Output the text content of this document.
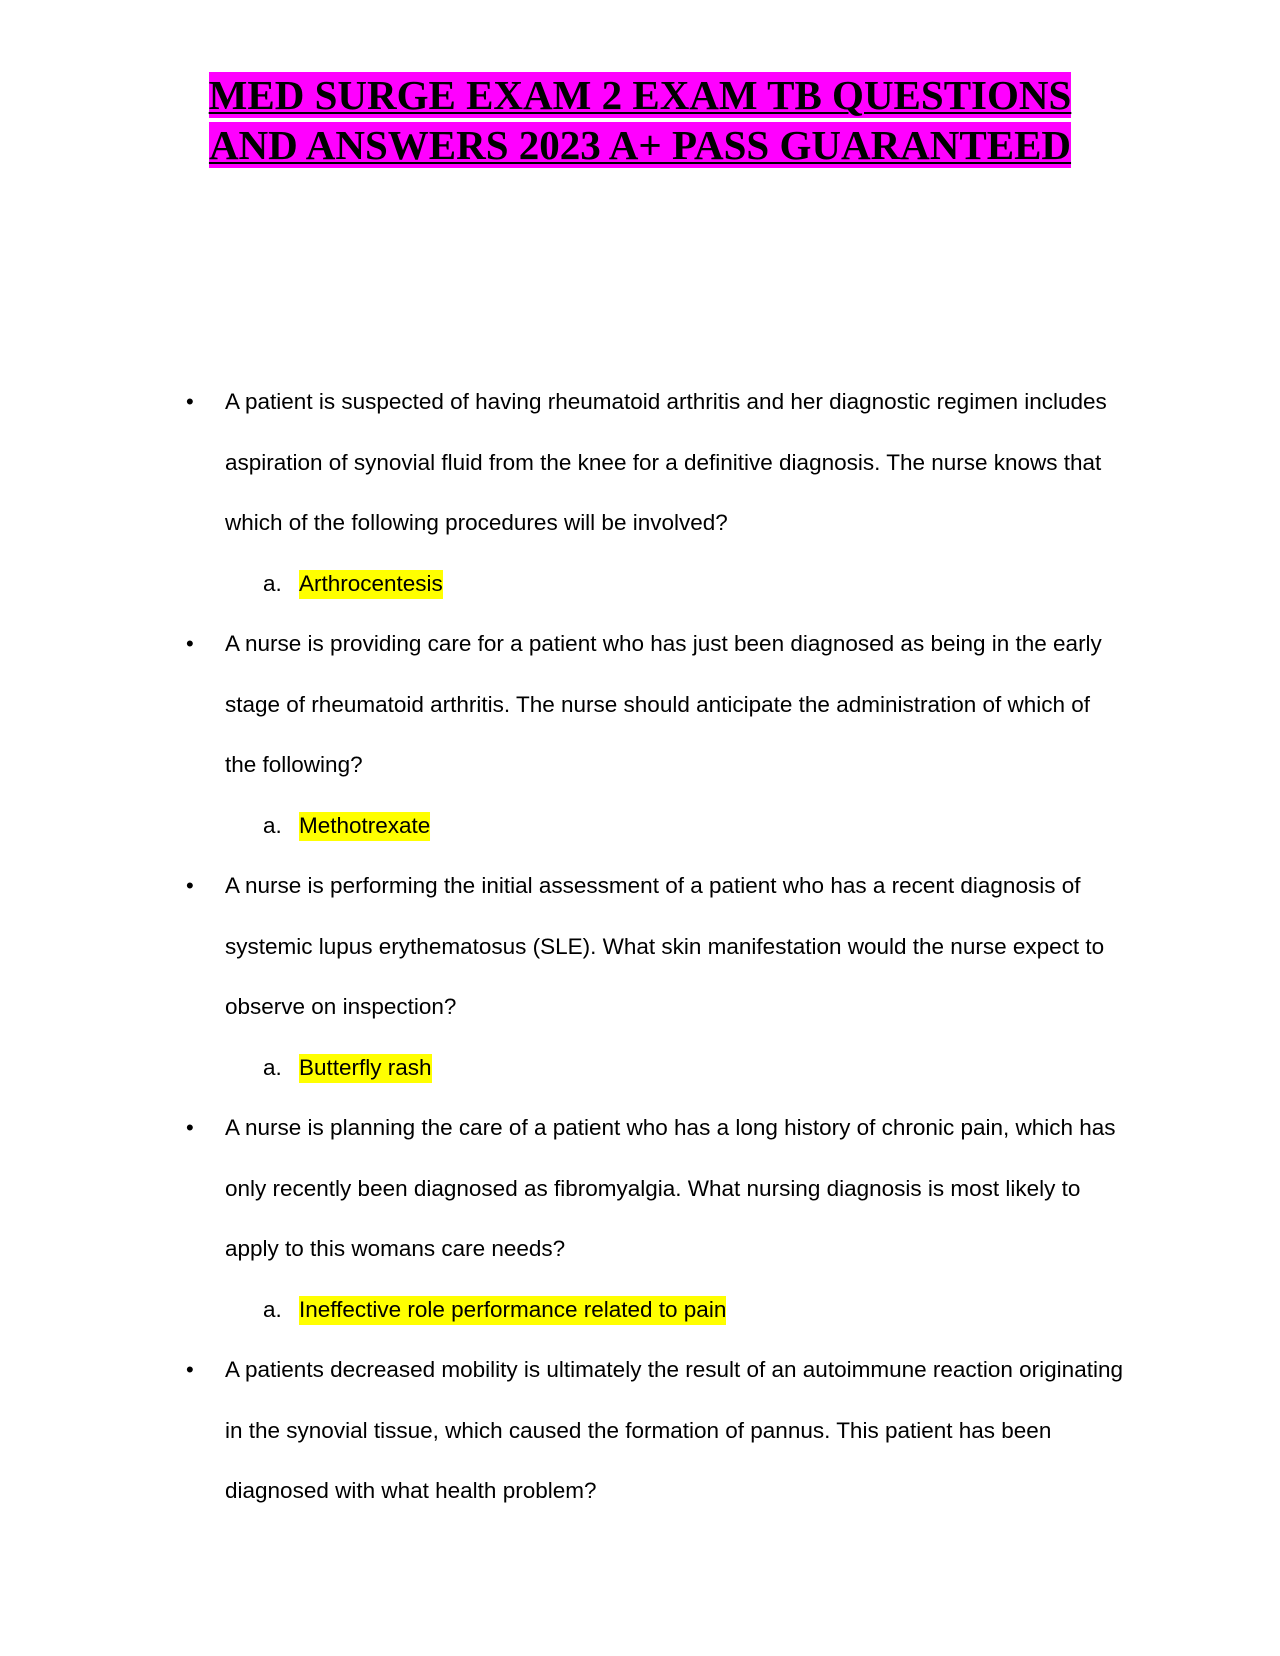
MED SURGE EXAM 2 EXAM TB QUESTIONS
AND ANSWERS 2023 A+ PASS GUARANTEED
• A patient is suspected of having rheumatoid arthritis and her diagnostic regimen includes aspiration of synovial fluid from the knee for a definitive diagnosis. The nurse knows that which of the following procedures will be involved?

a. Arthrocentesis
• A nurse is providing care for a patient who has just been diagnosed as being in the early stage of rheumatoid arthritis. The nurse should anticipate the administration of which of the following?

a. Methotrexate
• A nurse is performing the initial assessment of a patient who has a recent diagnosis of systemic lupus erythematosus (SLE). What skin manifestation would the nurse expect to observe on inspection?

a. Butterfly rash
• A nurse is planning the care of a patient who has a long history of chronic pain, which has only recently been diagnosed as fibromyalgia. What nursing diagnosis is most likely to apply to this womans care needs?

a. Ineffective role performance related to pain
• A patients decreased mobility is ultimately the result of an autoimmune reaction originating in the synovial tissue, which caused the formation of pannus. This patient has been diagnosed with what health problem?
